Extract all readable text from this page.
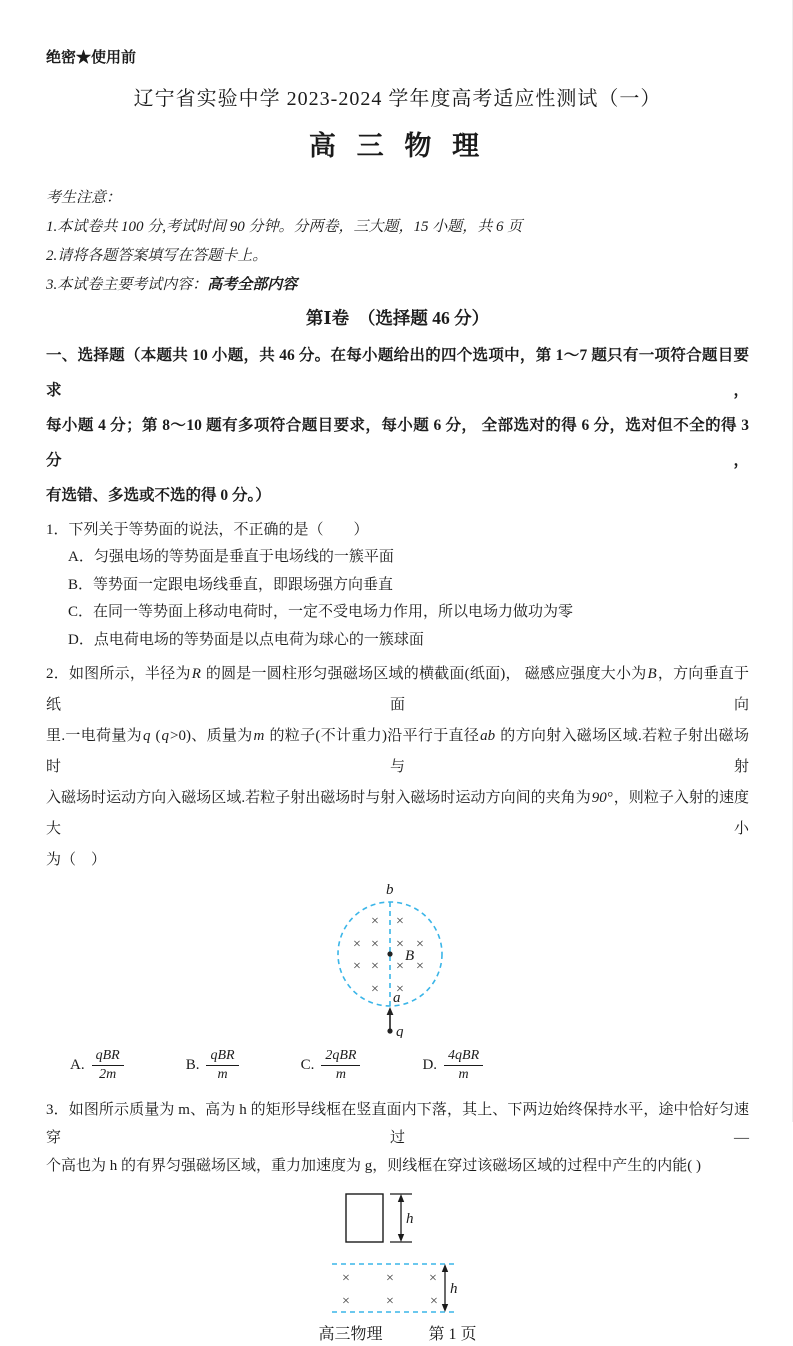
绝密★使用前
辽宁省实验中学 2023-2024 学年度高考适应性测试（一）
高 三 物 理
考生注意：
1.本试卷共 100 分,考试时间 90 分钟。分两卷，三大题，15 小题，共 6 页
2.请将各题答案填写在答题卡上。
3.本试卷主要考试内容：高考全部内容
第Ⅰ卷　（选择题 46 分）
一、选择题（本题共 10 小题，共 46 分。在每小题给出的四个选项中，第 1～7 题只有一项符合题目要求，
每小题 4 分；第 8～10 题有多项符合题目要求，每小题 6 分， 全部选对的得 6 分，选对但不全的得 3 分，
有选错、多选或不选的得 0 分。）
1．下列关于等势面的说法，不正确的是（　　）
A．匀强电场的等势面是垂直于电场线的一簇平面
B．等势面一定跟电场线垂直，即跟场强方向垂直
C．在同一等势面上移动电荷时，一定不受电场力作用，所以电场力做功为零
D．点电荷电场的等势面是以点电荷为球心的一簇球面
2．如图所示，半径为R 的圆是一圆柱形匀强磁场区域的横截面(纸面)， 磁感应强度大小为B，方向垂直于纸面向
里.一电荷量为q (q>0)、质量为m 的粒子(不计重力)沿平行于直径ab 的方向射入磁场区域.若粒子射出磁场时与射
入磁场时运动方向入磁场区域.若粒子射出磁场时与射入磁场时运动方向间的夹角为90°，则粒子入射的速度大小
为（　）
× ×
× × × ×
× × × ×
× ×
b
a
B
q
A. $\frac{\text{qBR}}{2m}$	B. $\frac{\text{qBR}}{m}$	C. $\frac{\text{2qBR}}{m}$	D. $\frac{\text{4qBR}}{m}$
3．如图所示质量为 m、高为 h 的矩形导线框在竖直面内下落，其上、下两边始终保持水平，途中恰好匀速穿过—
个高也为 h 的有界匀强磁场区域，重力加速度为 g，则线框在穿过该磁场区域的过程中产生的内能( )
h
×	×	×
×	×	×
h
高三物理	第 1 页
